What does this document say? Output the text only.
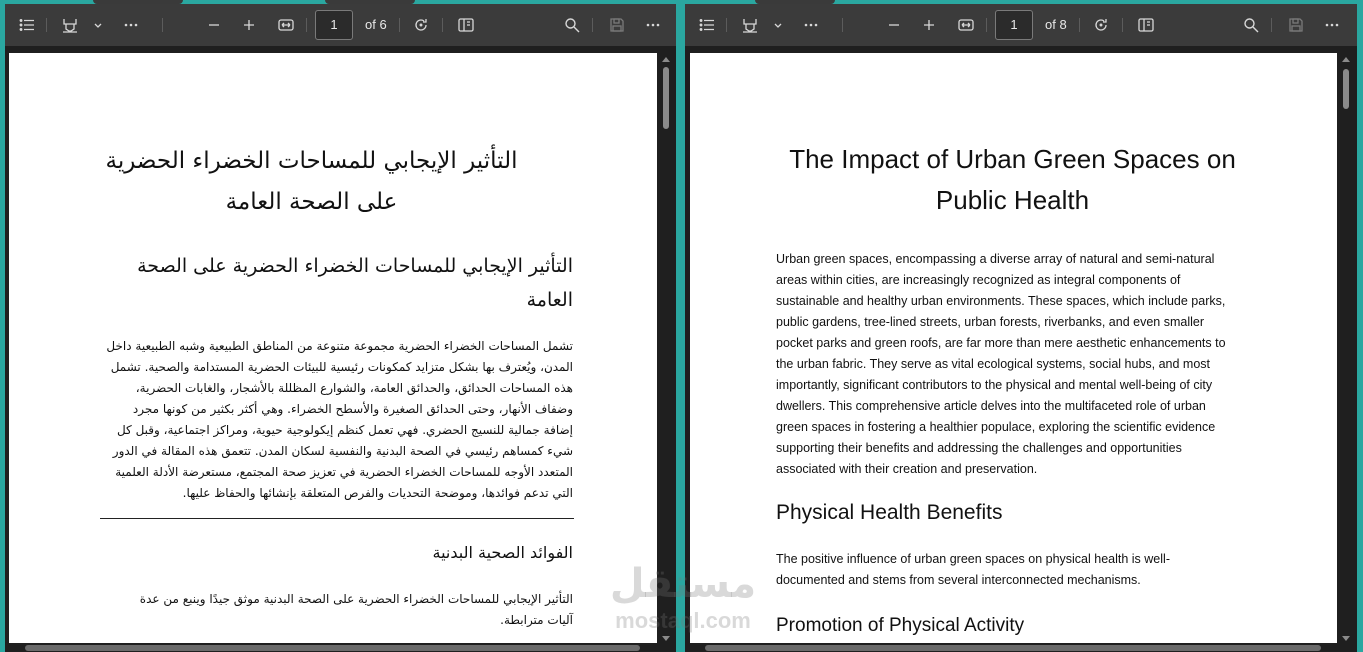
1	of 6
التأثير الإيجابي للمساحات الخضراء الحضرية
على الصحة العامة
التأثير الإيجابي للمساحات الخضراء الحضرية على الصحة
العامة
تشمل المساحات الخضراء الحضرية مجموعة متنوعة من المناطق الطبيعية وشبه الطبيعية داخل
المدن، ويُعترف بها بشكل متزايد كمكونات رئيسية للبيئات الحضرية المستدامة والصحية. تشمل
هذه المساحات الحدائق، والحدائق العامة، والشوارع المظللة بالأشجار، والغابات الحضرية،
وضفاف الأنهار، وحتى الحدائق الصغيرة والأسطح الخضراء. وهي أكثر بكثير من كونها مجرد
إضافة جمالية للنسيج الحضري. فهي تعمل كنظم إيكولوجية حيوية، ومراكز اجتماعية، وقبل كل
شيء كمساهم رئيسي في الصحة البدنية والنفسية لسكان المدن. تتعمق هذه المقالة في الدور
المتعدد الأوجه للمساحات الخضراء الحضرية في تعزيز صحة المجتمع، مستعرضة الأدلة العلمية
التي تدعم فوائدها، وموضحة التحديات والفرص المتعلقة بإنشائها والحفاظ عليها.
الفوائد الصحية البدنية
التأثير الإيجابي للمساحات الخضراء الحضرية على الصحة البدنية موثق جيدًا وينبع من عدة
آليات مترابطة.
1	of 8
The Impact of Urban Green Spaces on
Public Health
Urban green spaces, encompassing a diverse array of natural and semi-natural
areas within cities, are increasingly recognized as integral components of
sustainable and healthy urban environments. These spaces, which include parks,
public gardens, tree-lined streets, urban forests, riverbanks, and even smaller
pocket parks and green roofs, are far more than mere aesthetic enhancements to
the urban fabric. They serve as vital ecological systems, social hubs, and most
importantly, significant contributors to the physical and mental well-being of city
dwellers. This comprehensive article delves into the multifaceted role of urban
green spaces in fostering a healthier populace, exploring the scientific evidence
supporting their benefits and addressing the challenges and opportunities
associated with their creation and preservation.
Physical Health Benefits
The positive influence of urban green spaces on physical health is well-
documented and stems from several interconnected mechanisms.
Promotion of Physical Activity
مستقل
mostaql.com
